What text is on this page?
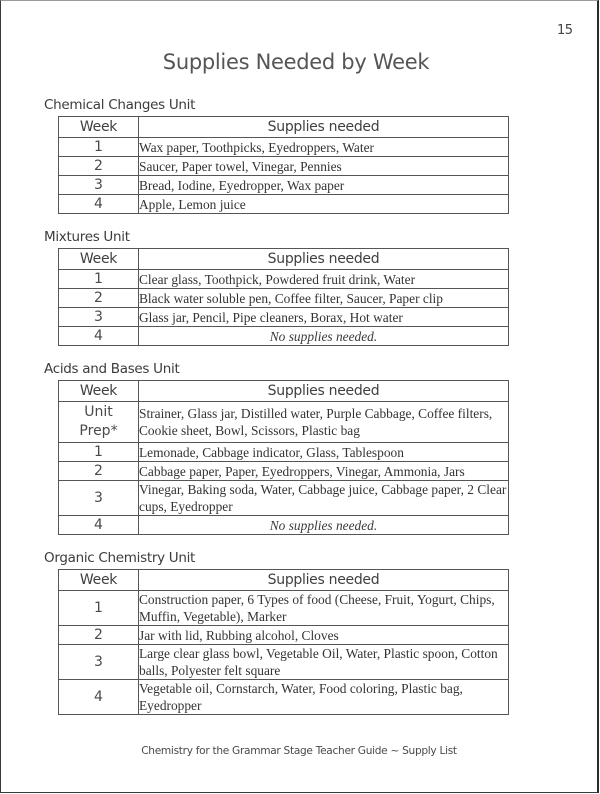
15
Supplies Needed by Week
Chemical Changes Unit
Week	Supplies needed
1	Wax paper, Toothpicks, Eyedroppers, Water
2	Saucer, Paper towel, Vinegar, Pennies
3	Bread, Iodine, Eyedropper, Wax paper
4	Apple, Lemon juice
Mixtures Unit
Week	Supplies needed
1	Clear glass, Toothpick, Powdered fruit drink, Water
2	Black water soluble pen, Coffee filter, Saucer, Paper clip
3	Glass jar, Pencil, Pipe cleaners, Borax, Hot water
4	No supplies needed.
Acids and Bases Unit
Week	Supplies needed

Unit
Prep*	Strainer, Glass jar, Distilled water, Purple Cabbage, Coffee filters, Cookie sheet, Bowl, Scissors, Plastic bag
1	Lemonade, Cabbage indicator, Glass, Tablespoon
2	Cabbage paper, Paper, Eyedroppers, Vinegar, Ammonia, Jars
3	Vinegar, Baking soda, Water, Cabbage juice, Cabbage paper, 2 Clear cups, Eyedropper
4	No supplies needed.
Organic Chemistry Unit
Week	Supplies needed
1	Construction paper, 6 Types of food (Cheese, Fruit, Yogurt, Chips, Muffin, Vegetable), Marker
2	Jar with lid, Rubbing alcohol, Cloves
3	Large clear glass bowl, Vegetable Oil, Water, Plastic spoon, Cotton balls, Polyester felt square
4	Vegetable oil, Cornstarch, Water, Food coloring, Plastic bag, Eyedropper
Chemistry for the Grammar Stage Teacher Guide ~ Supply List
